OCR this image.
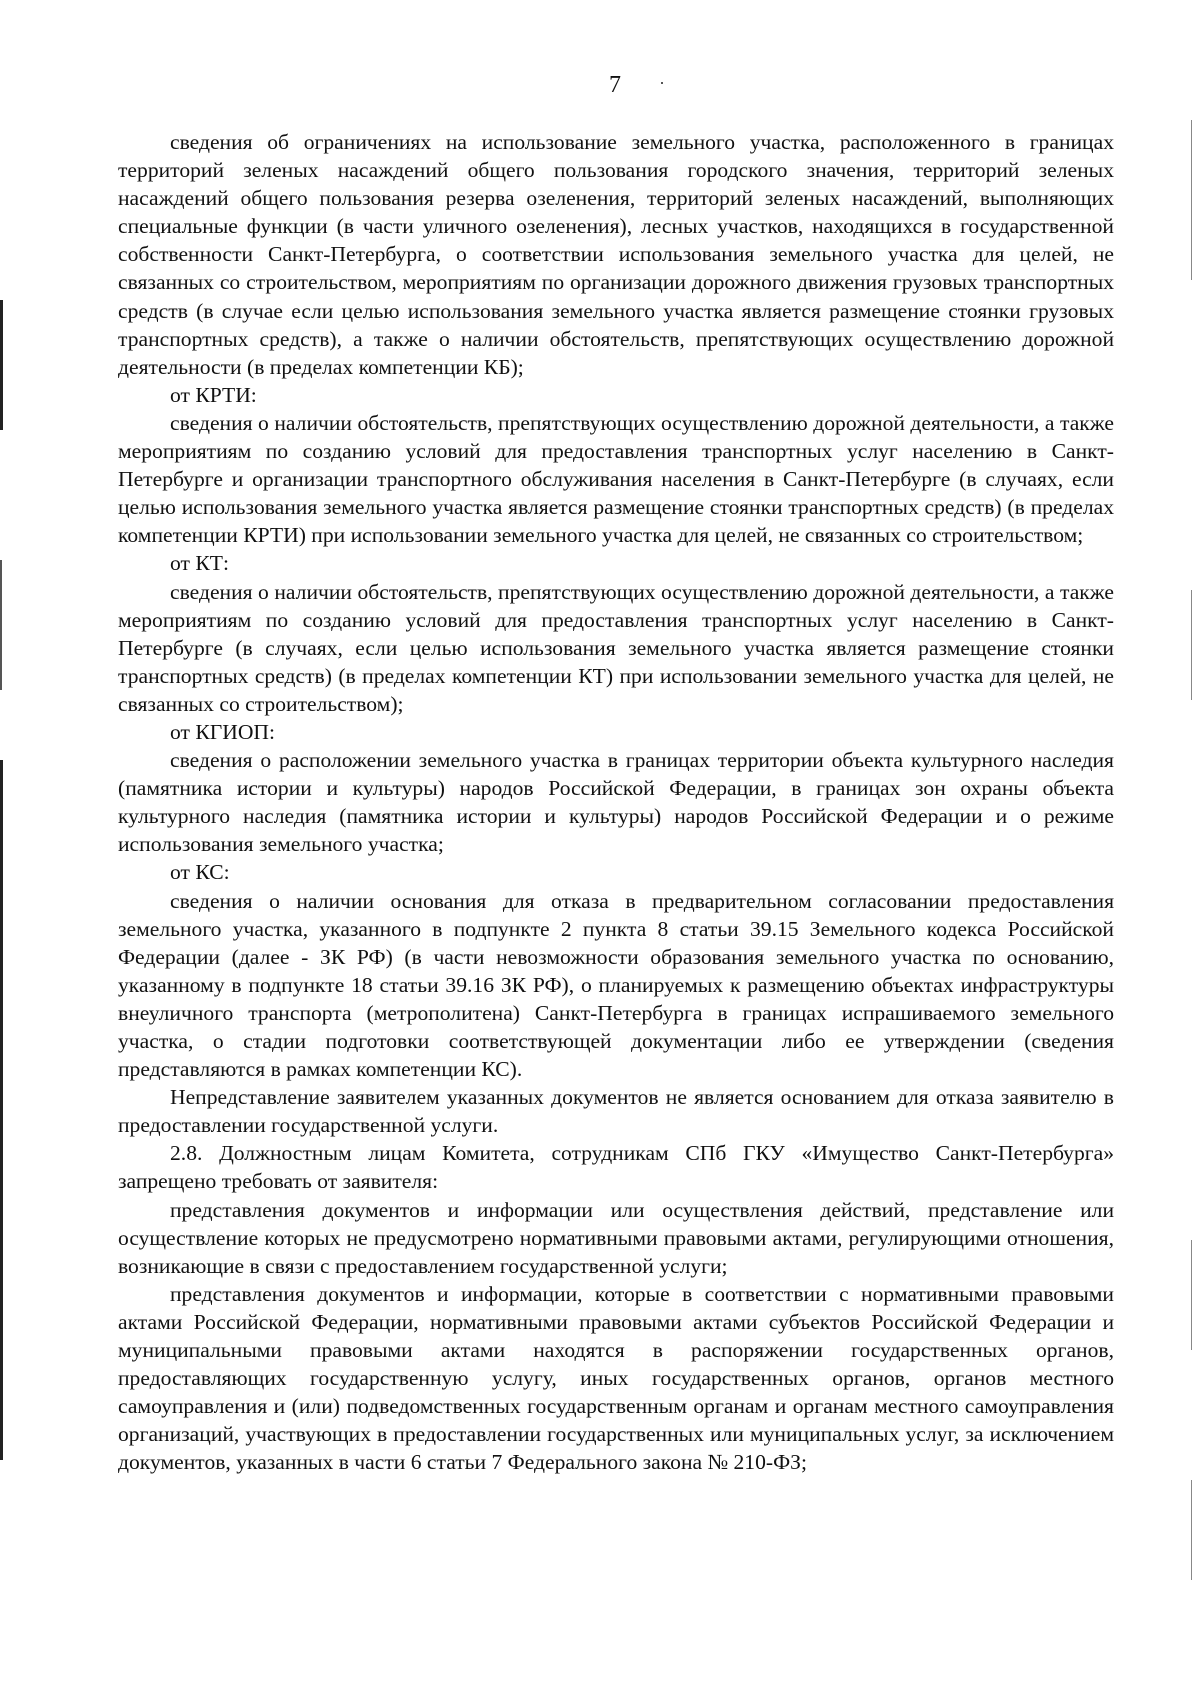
7

сведения об ограничениях на использование земельного участка, расположенного в границах территорий зеленых насаждений общего пользования городского значения, территорий зеленых насаждений общего пользования резерва озеленения, территорий зеленых насаждений, выполняющих специальные функции (в части уличного озеленения), лесных участков, находящихся в государственной собственности Санкт-Петербурга, о соответствии использования земельного участка для целей, не связанных со строительством, мероприятиям по организации дорожного движения грузовых транспортных средств (в случае если целью использования земельного участка является размещение стоянки грузовых транспортных средств), а также о наличии обстоятельств, препятствующих осуществлению дорожной деятельности (в пределах компетенции КБ);

от КРТИ:

сведения о наличии обстоятельств, препятствующих осуществлению дорожной деятельности, а также мероприятиям по созданию условий для предоставления транспортных услуг населению в Санкт-Петербурге и организации транспортного обслуживания населения в Санкт-Петербурге (в случаях, если целью использования земельного участка является размещение стоянки транспортных средств) (в пределах компетенции КРТИ) при использовании земельного участка для целей, не связанных со строительством;

от КТ:

сведения о наличии обстоятельств, препятствующих осуществлению дорожной деятельности, а также мероприятиям по созданию условий для предоставления транспортных услуг населению в Санкт-Петербурге (в случаях, если целью использования земельного участка является размещение стоянки транспортных средств) (в пределах компетенции КТ) при использовании земельного участка для целей, не связанных со строительством);

от КГИОП:

сведения о расположении земельного участка в границах территории объекта культурного наследия (памятника истории и культуры) народов Российской Федерации, в границах зон охраны объекта культурного наследия (памятника истории и культуры) народов Российской Федерации и о режиме использования земельного участка;

от КС:

сведения о наличии основания для отказа в предварительном согласовании предоставления земельного участка, указанного в подпункте 2 пункта 8 статьи 39.15 Земельного кодекса Российской Федерации (далее - ЗК РФ) (в части невозможности образования земельного участка по основанию, указанному в подпункте 18 статьи 39.16 ЗК РФ), о планируемых к размещению объектах инфраструктуры внеуличного транспорта (метрополитена) Санкт-Петербурга в границах испрашиваемого земельного участка, о стадии подготовки соответствующей документации либо ее утверждении (сведения представляются в рамках компетенции КС).

Непредставление заявителем указанных документов не является основанием для отказа заявителю в предоставлении государственной услуги.

2.8. Должностным лицам Комитета, сотрудникам СПб ГКУ «Имущество Санкт-Петербурга» запрещено требовать от заявителя:

представления документов и информации или осуществления действий, представление или осуществление которых не предусмотрено нормативными правовыми актами, регулирующими отношения, возникающие в связи с предоставлением государственной услуги;

представления документов и информации, которые в соответствии с нормативными правовыми актами Российской Федерации, нормативными правовыми актами субъектов Российской Федерации и муниципальными правовыми актами находятся в распоряжении государственных органов, предоставляющих государственную услугу, иных государственных органов, органов местного самоуправления и (или) подведомственных государственным органам и органам местного самоуправления организаций, участвующих в предоставлении государственных или муниципальных услуг, за исключением документов, указанных в части 6 статьи 7 Федерального закона № 210-ФЗ;
